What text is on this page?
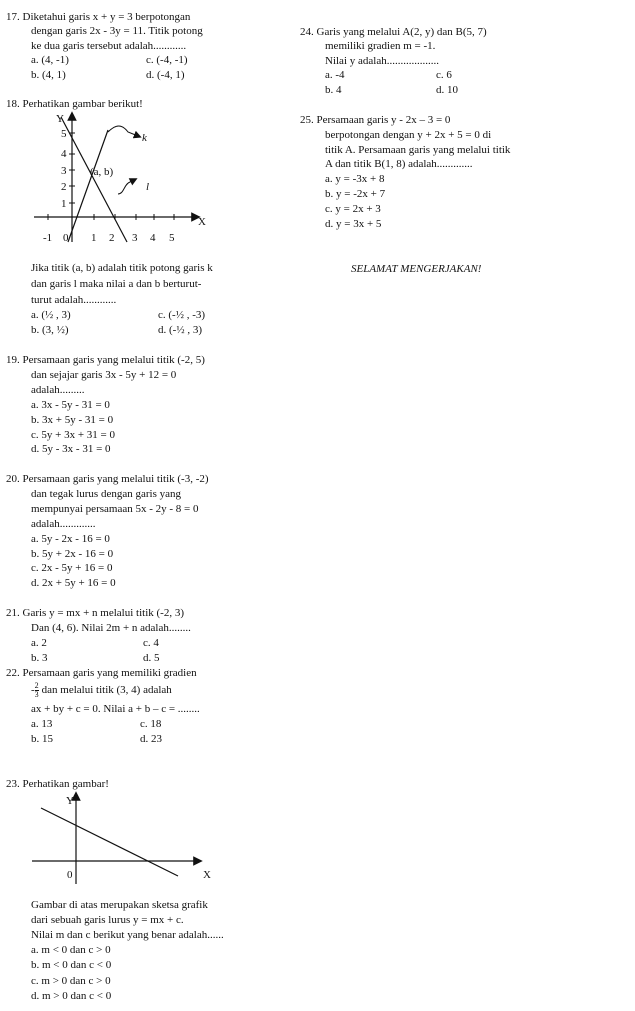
17. Diketahui garis x + y = 3 berpotongan
dengan garis 2x - 3y = 11. Titik potong
ke dua garis tersebut adalah............
a. (4, -1)	c. (-4, -1)
b. (4, 1)	d. (-4, 1)
18. Perhatikan gambar berikut!
Y
X
5
4
3
2
1
-1 0 1 2 3 4 5
(a, b)
k
l
Jika titik (a, b) adalah titik potong garis k
dan garis l maka nilai a dan b berturut-
turut adalah............
a. (½ , 3)	c. (-½ , -3)
b. (3, ½)	d. (-½ , 3)
19. Persamaan garis yang melalui titik (-2, 5)
dan sejajar garis 3x - 5y + 12 = 0
adalah.........
a. 3x - 5y - 31 = 0
b. 3x + 5y - 31 = 0
c. 5y + 3x + 31 = 0
d. 5y - 3x - 31 = 0
20. Persamaan garis yang melalui titik (-3, -2)
dan tegak lurus dengan garis yang
mempunyai persamaan 5x - 2y - 8 = 0
adalah.............
a. 5y - 2x - 16 = 0
b. 5y + 2x - 16 = 0
c. 2x - 5y + 16 = 0
d. 2x + 5y + 16 = 0
21. Garis y = mx + n melalui titik (-2, 3)
Dan (4, 6). Nilai 2m + n adalah........
a. 2	c. 4
b. 3	d. 5
22. Persamaan garis yang memiliki gradien
- $\frac{2}{3}$ dan melalui titik (3, 4) adalah
ax + by + c = 0. Nilai a + b – c = ........
a. 13	c. 18
b. 15	d. 23
23. Perhatikan gambar!
Y
X
0
Gambar di atas merupakan sketsa grafik
dari sebuah garis lurus y = mx + c.
Nilai m dan c berikut yang benar adalah......
a. m < 0 dan c > 0
b. m < 0 dan c < 0
c. m > 0 dan c > 0
d. m > 0 dan c < 0
24. Garis yang melalui A(2, y) dan B(5, 7)
memiliki gradien m = -1.
Nilai y adalah...................
a. -4	c. 6
b. 4	d. 10
25. Persamaan garis y - 2x – 3 = 0
berpotongan dengan y + 2x + 5 = 0 di
titik A. Persamaan garis yang melalui titik
A dan titik B(1, 8) adalah.............
a. y = -3x + 8
b. y = -2x + 7
c. y = 2x + 3
d. y = 3x + 5
SELAMAT MENGERJAKAN!
